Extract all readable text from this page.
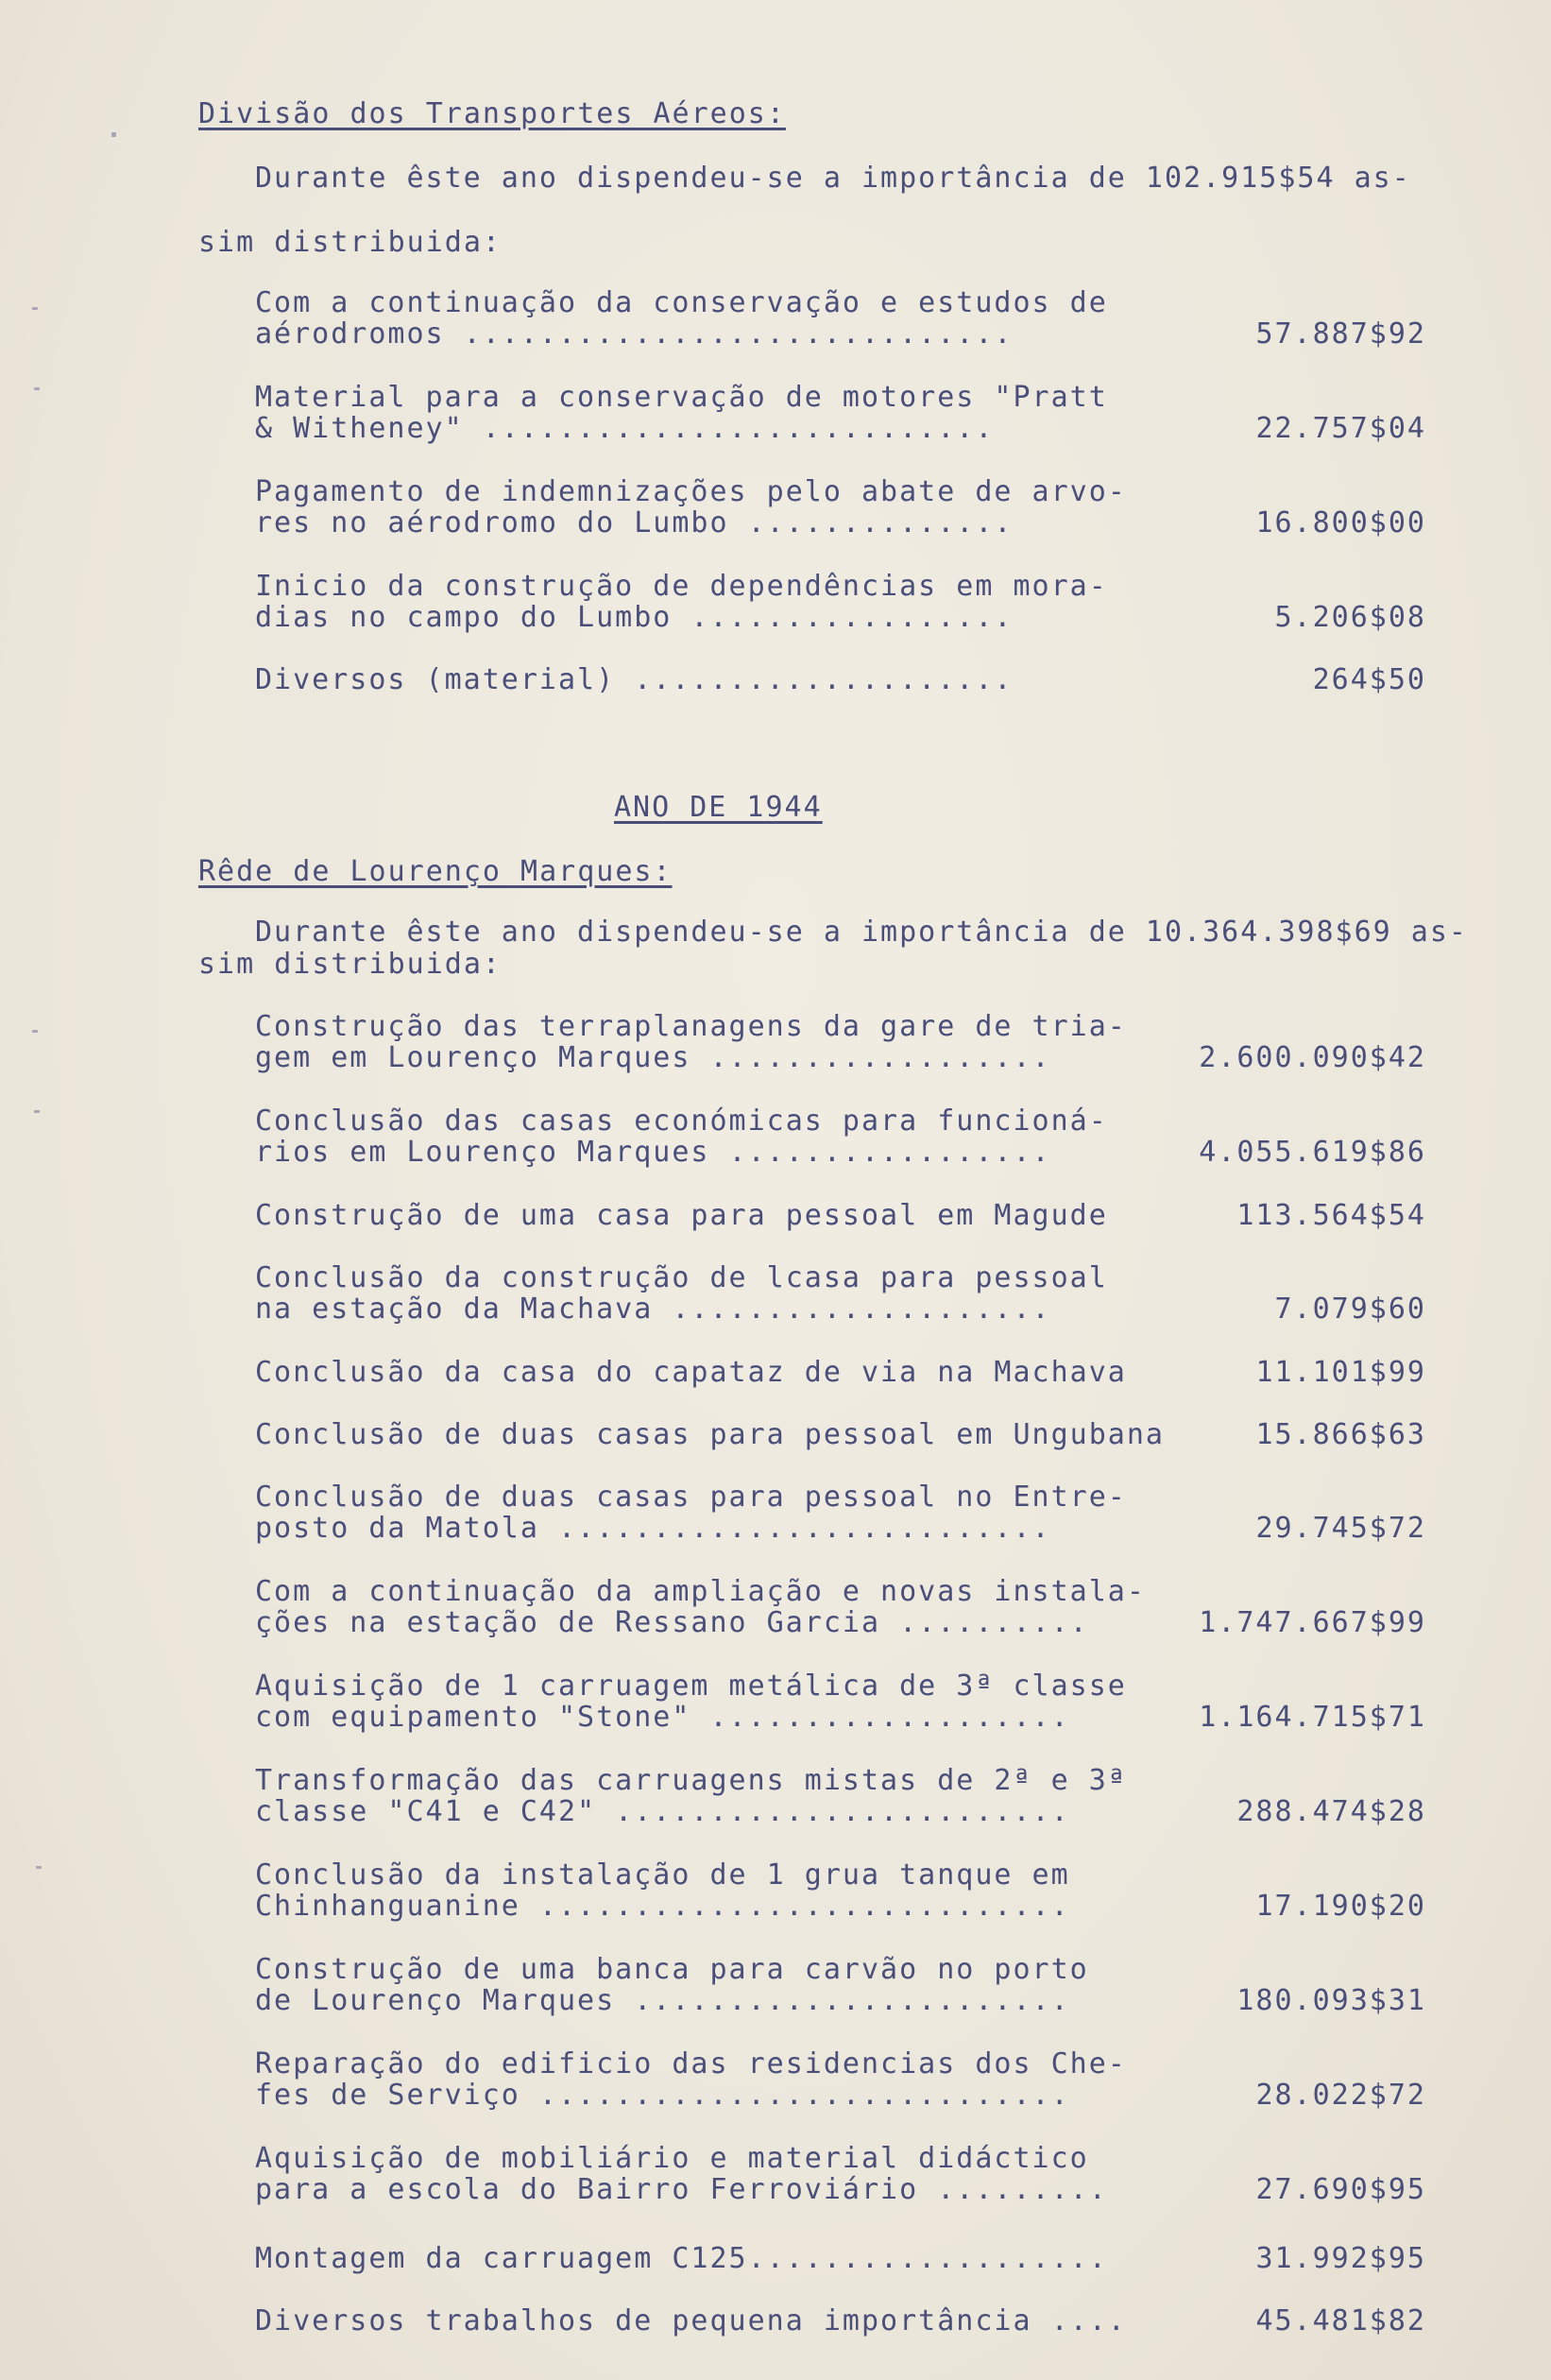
Divisão dos Transportes Aéreos:
Durante êste ano dispendeu-se a importância de 102.915$54 as-
sim distribuida:
Com a continuação da conservação e estudos de
aérodromos .............................	57.887$92
Material para a conservação de motores "Pratt
& Witheney" ...........................	22.757$04
Pagamento de indemnizações pelo abate de arvo-
res no aérodromo do Lumbo ..............	16.800$00
Inicio da construção de dependências em mora-
dias no campo do Lumbo .................	5.206$08
Diversos (material) ....................	264$50
ANO DE 1944
Rêde de Lourenço Marques:
Durante êste ano dispendeu-se a importância de 10.364.398$69 as-
sim distribuida:
Construção das terraplanagens da gare de tria-
gem em Lourenço Marques ..................	2.600.090$42
Conclusão das casas económicas para funcioná-
rios em Lourenço Marques .................	4.055.619$86
Construção de uma casa para pessoal em Magude	113.564$54
Conclusão da construção de lcasa para pessoal
na estação da Machava ....................	7.079$60
Conclusão da casa do capataz de via na Machava	11.101$99
Conclusão de duas casas para pessoal em Ungubana	15.866$63
Conclusão de duas casas para pessoal no Entre-
posto da Matola ..........................	29.745$72
Com a continuação da ampliação e novas instala-
ções na estação de Ressano Garcia ..........	1.747.667$99
Aquisição de 1 carruagem metálica de 3ª classe
com equipamento "Stone" ...................	1.164.715$71
Transformação das carruagens mistas de 2ª e 3ª
classe "C41 e C42" ........................	288.474$28
Conclusão da instalação de 1 grua tanque em
Chinhanguanine ............................	17.190$20
Construção de uma banca para carvão no porto
de Lourenço Marques .......................	180.093$31
Reparação do edificio das residencias dos Che-
fes de Serviço ............................	28.022$72
Aquisição de mobiliário e material didáctico
para a escola do Bairro Ferroviário .........	27.690$95
Montagem da carruagem C125...................	31.992$95
Diversos trabalhos de pequena importância ....	45.481$82
